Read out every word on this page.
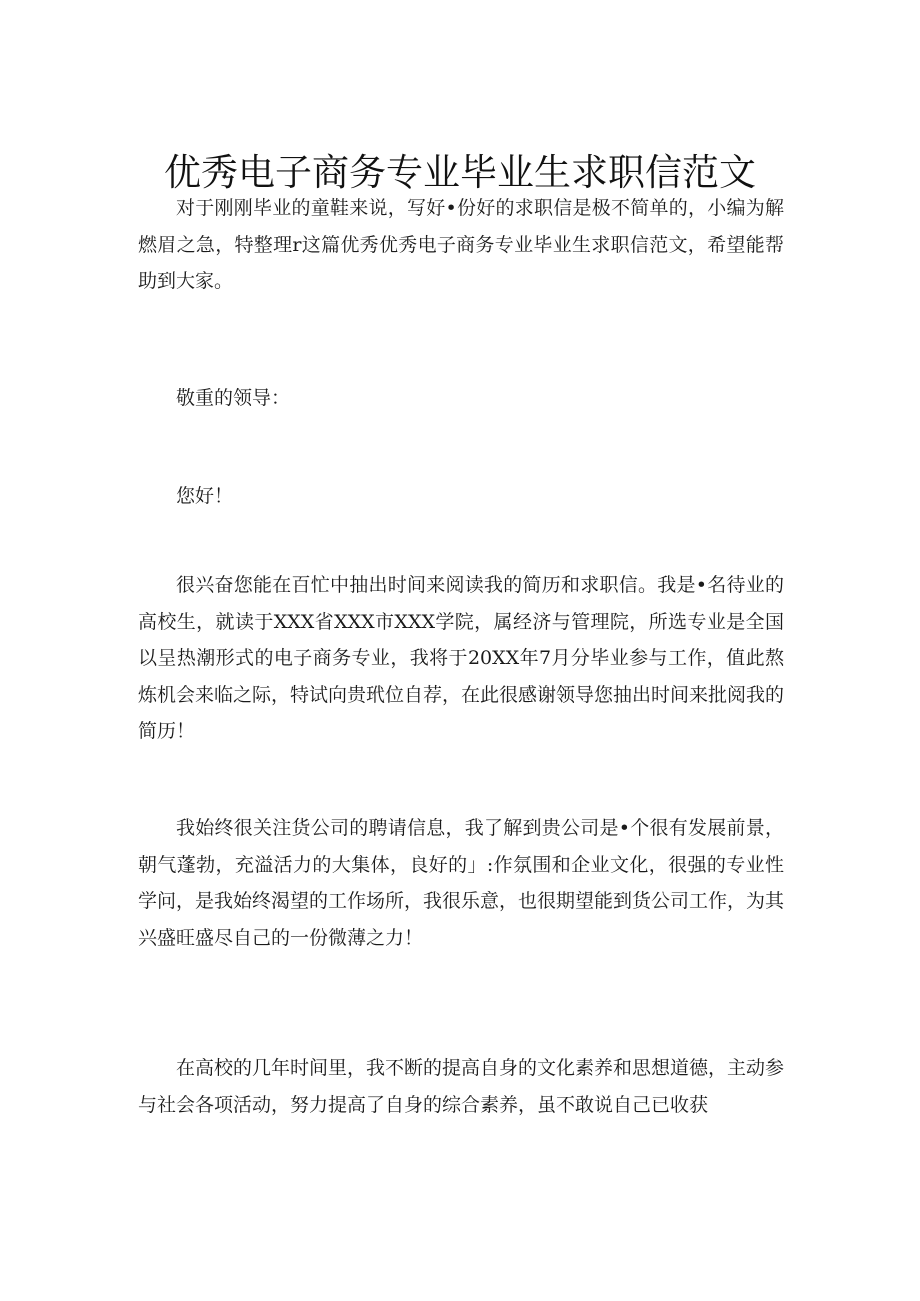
优秀电子商务专业毕业生求职信范文

对于刚刚毕业的童鞋来说，写好•份好的求职信是极不简单的，小编为解燃眉之急，特整理r这篇优秀优秀电子商务专业毕业生求职信范文，希望能帮助到大家。

敬重的领导：

您好！

很兴奋您能在百忙中抽出时间来阅读我的简历和求职信。我是•名待业的高校生，就读于XXX省XXX市XXX学院，属经济与管理院，所选专业是全国以呈热潮形式的电子商务专业，我将于20XX年7月分毕业参与工作，值此熬炼机会来临之际，特试向贵玳位自荐，在此很感谢领导您抽出时间来批阅我的简历！

我始终很关注货公司的聘请信息，我了解到贵公司是•个很有发展前景，朝气蓬勃，充溢活力的大集体，良好的」:作氛围和企业文化，很强的专业性学问，是我始终渴望的工作场所，我很乐意，也很期望能到货公司工作，为其兴盛旺盛尽自己的一份微薄之力！

在高校的几年时间里，我不断的提高自身的文化素养和思想道德，主动参与社会各项活动，努力提高了自身的综合素养，虽不敢说自己已收获
